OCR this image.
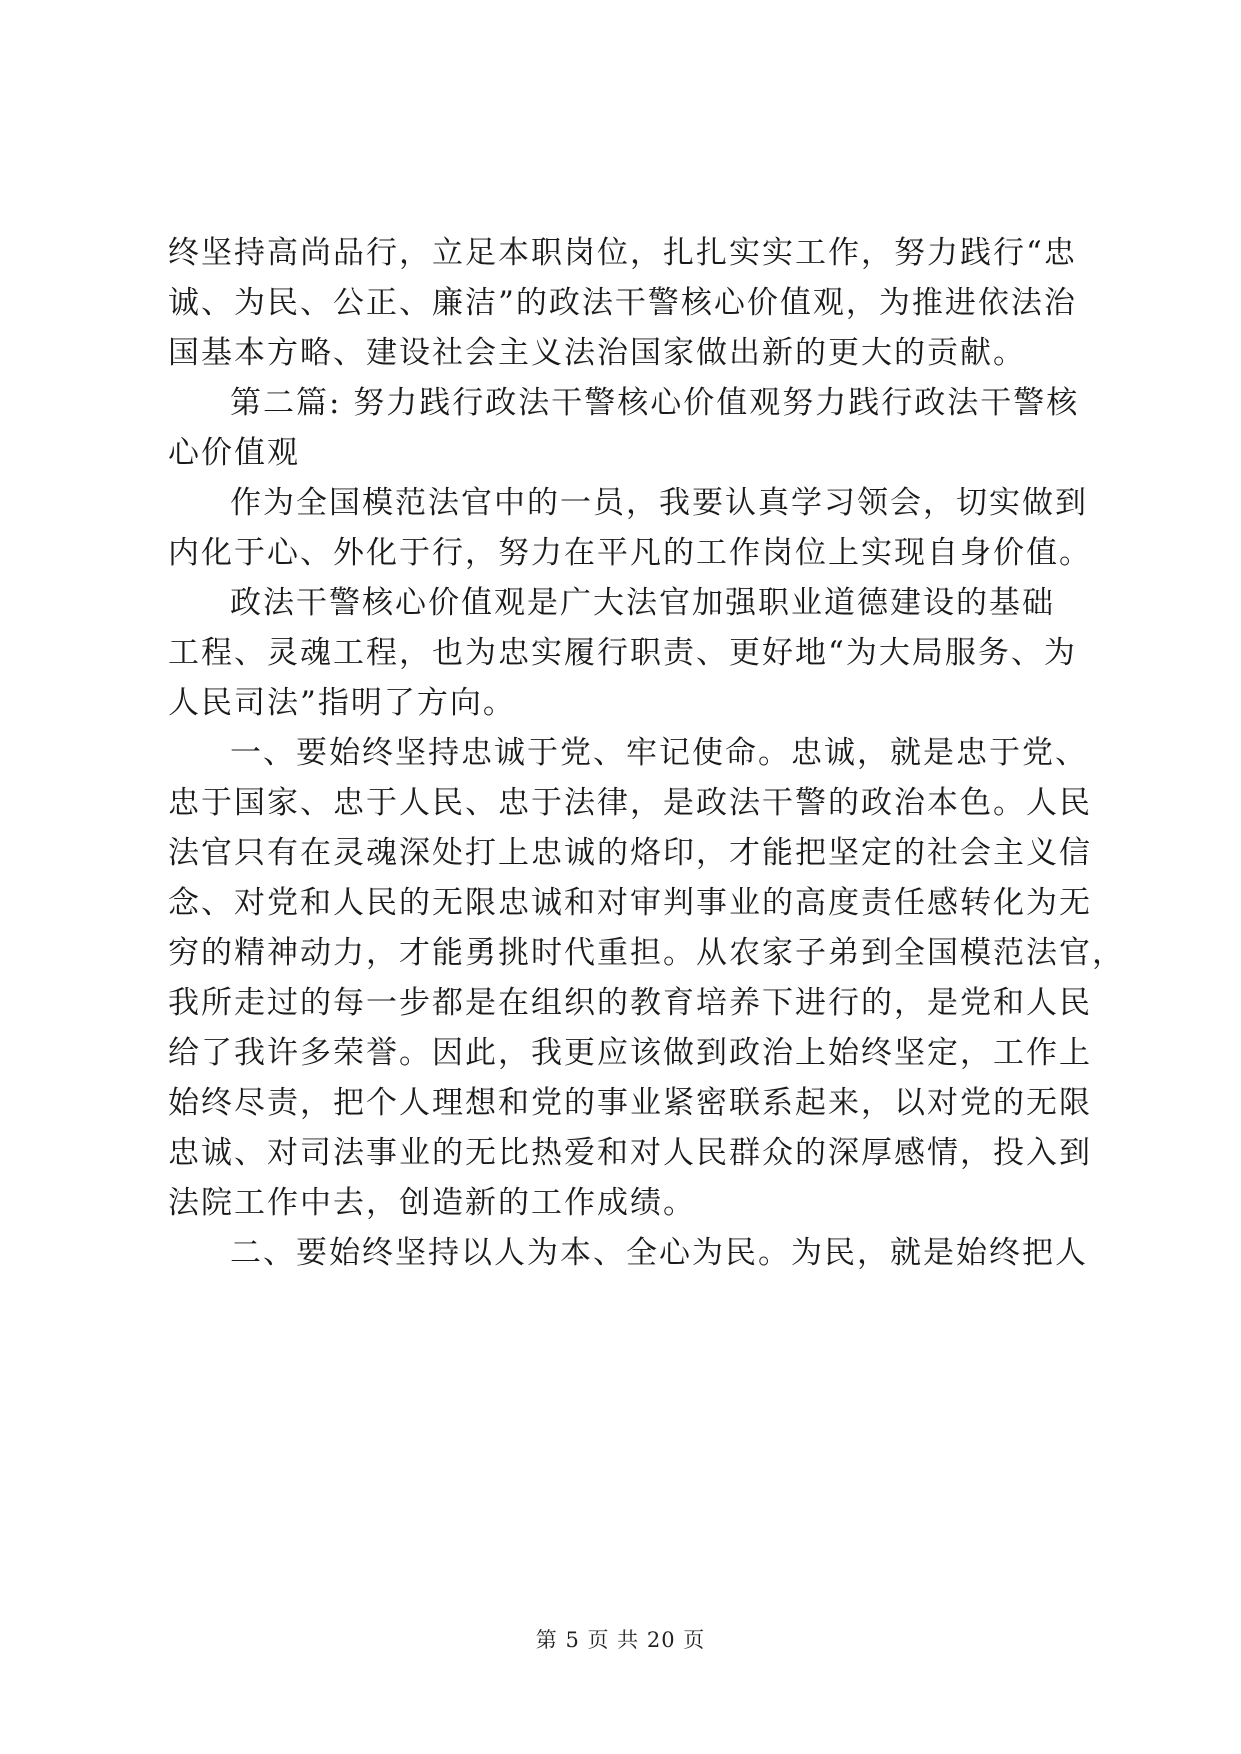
终坚持高尚品行，立足本职岗位，扎扎实实工作，努力践行“忠
诚、为民、公正、廉洁”的政法干警核心价值观，为推进依法治
国基本方略、建设社会主义法治国家做出新的更大的贡献。

第二篇: 努力践行政法干警核心价值观努力践行政法干警核
心价值观

作为全国模范法官中的一员，我要认真学习领会，切实做到
内化于心、外化于行，努力在平凡的工作岗位上实现自身价值。

政法干警核心价值观是广大法官加强职业道德建设的基础
工程、灵魂工程，也为忠实履行职责、更好地“为大局服务、为
人民司法”指明了方向。

一、要始终坚持忠诚于党、牢记使命。忠诚，就是忠于党、
忠于国家、忠于人民、忠于法律，是政法干警的政治本色。人民
法官只有在灵魂深处打上忠诚的烙印，才能把坚定的社会主义信
念、对党和人民的无限忠诚和对审判事业的高度责任感转化为无
穷的精神动力，才能勇挑时代重担。从农家子弟到全国模范法官，
我所走过的每一步都是在组织的教育培养下进行的，是党和人民
给了我许多荣誉。因此，我更应该做到政治上始终坚定，工作上
始终尽责，把个人理想和党的事业紧密联系起来，以对党的无限
忠诚、对司法事业的无比热爱和对人民群众的深厚感情，投入到
法院工作中去，创造新的工作成绩。

二、要始终坚持以人为本、全心为民。为民，就是始终把人

第 5 页 共 20 页
